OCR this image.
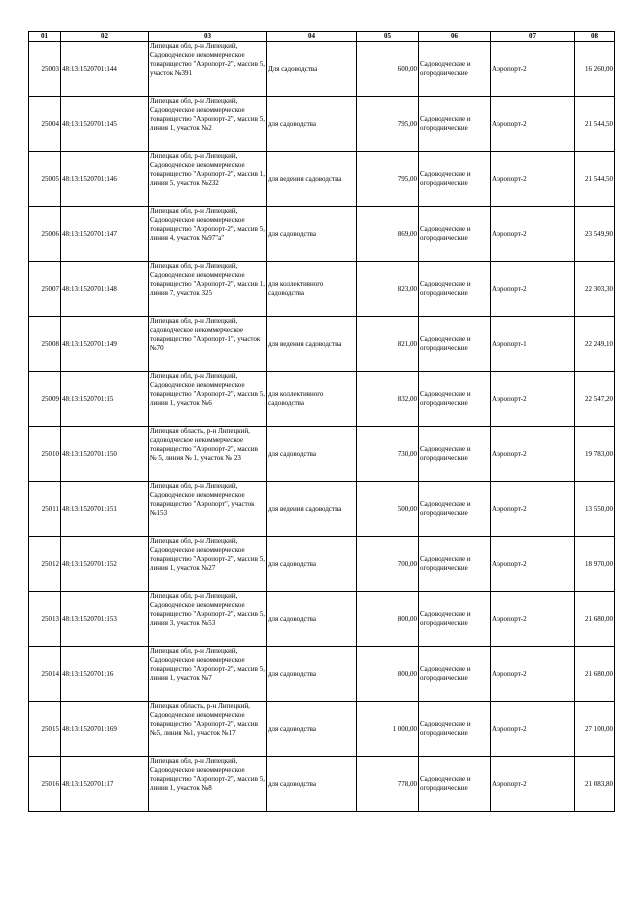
01	02	03	04	05	06	07	08
25003	48:13:1520701:144	Липецкая обл, р-н Липецкий, Садоводческое некоммерческое товарищество "Аэропорт-2", массив 5, участок №391	Для садоводства	600,00	Садоводческие и огороднические	Аэропорт-2	16 260,00
25004	48:13:1520701:145	Липецкая обл, р-н Липецкий, Садоводческое некоммерческое товарищество "Аэропорт-2", массив 5, линия 1, участок №2	для садоводства	795,00	Садоводческие и огороднические	Аэропорт-2	21 544,50
25005	48:13:1520701:146	Липецкая обл, р-н Липецкий, Садоводческое некоммерческое товарищество "Аэропорт-2", массив 1, линия 5, участок №232	для ведения садоводства	795,00	Садоводческие и огороднические	Аэропорт-2	21 544,50
25006	48:13:1520701:147	Липецкая обл, р-н Липецкий, Садоводческое некоммерческое товарищество "Аэропорт-2", массив 5, линия 4, участок №97"а"	для садоводства	869,00	Садоводческие и огороднические	Аэропорт-2	23 549,90
25007	48:13:1520701:148	Липецкая обл, р-н Липецкий, Садоводческое некоммерческое товарищество "Аэропорт-2", массив 1, линия 7, участок 325	для коллективного садоводства	823,00	Садоводческие и огороднические	Аэропорт-2	22 303,30
25008	48:13:1520701:149	Липецкая обл, р-н Липецкий, садоводческое некоммерческое товарищество "Аэропорт-1", участок №70	для ведения садоводства	821,00	Садоводческие и огороднические	Аэропорт-1	22 249,10
25009	48:13:1520701:15	Липецкая обл, р-н Липецкий, Садоводческое некоммерческое товарищество "Аэропорт-2", массив 5, линия 1, участок №6	для коллективного садоводства	832,00	Садоводческие и огороднические	Аэропорт-2	22 547,20
25010	48:13:1520701:150	Липецкая область, р-н Липецкий, садоводческое некоммерческое товарищество "Аэропорт-2", массив № 5, линия № 1, участок № 23	для садоводства	730,00	Садоводческие и огороднические	Аэропорт-2	19 783,00
25011	48:13:1520701:151	Липецкая обл, р-н Липецкий, Садоводческое некоммерческое товарищество "Аэропорт", участок №153	для ведения садоводства	500,00	Садоводческие и огороднические	Аэропорт-2	13 550,00
25012	48:13:1520701:152	Липецкая обл, р-н Липецкий, Садоводческое некоммерческое товарищество "Аэропорт-2", массив 5, линия 1, участок №27	для садоводства	700,00	Садоводческие и огороднические	Аэропорт-2	18 970,00
25013	48:13:1520701:153	Липецкая обл, р-н Липецкий, Садоводческое некоммерческое товарищество "Аэропорт-2", массив 5, линия 3, участок №53	для садоводства	800,00	Садоводческие и огороднические	Аэропорт-2	21 680,00
25014	48:13:1520701:16	Липецкая обл, р-н Липецкий, Садоводческое некоммерческое товарищество "Аэропорт-2", массив 5, линия 1, участок №7	для садоводства	800,00	Садоводческие и огороднические	Аэропорт-2	21 680,00
25015	48:13:1520701:169	Липецкая область, р-н Липецкий, Садоводческое некоммерческое товарищество "Аэропорт-2", массив №5, линия №1, участок №17	для садоводства	1 000,00	Садоводческие и огороднические	Аэропорт-2	27 100,00
25016	48:13:1520701:17	Липецкая обл, р-н Липецкий, Садоводческое некоммерческое товарищество "Аэропорт-2", массив 5, линия 1, участок №8	для садоводства	778,00	Садоводческие и огороднические	Аэропорт-2	21 083,80
